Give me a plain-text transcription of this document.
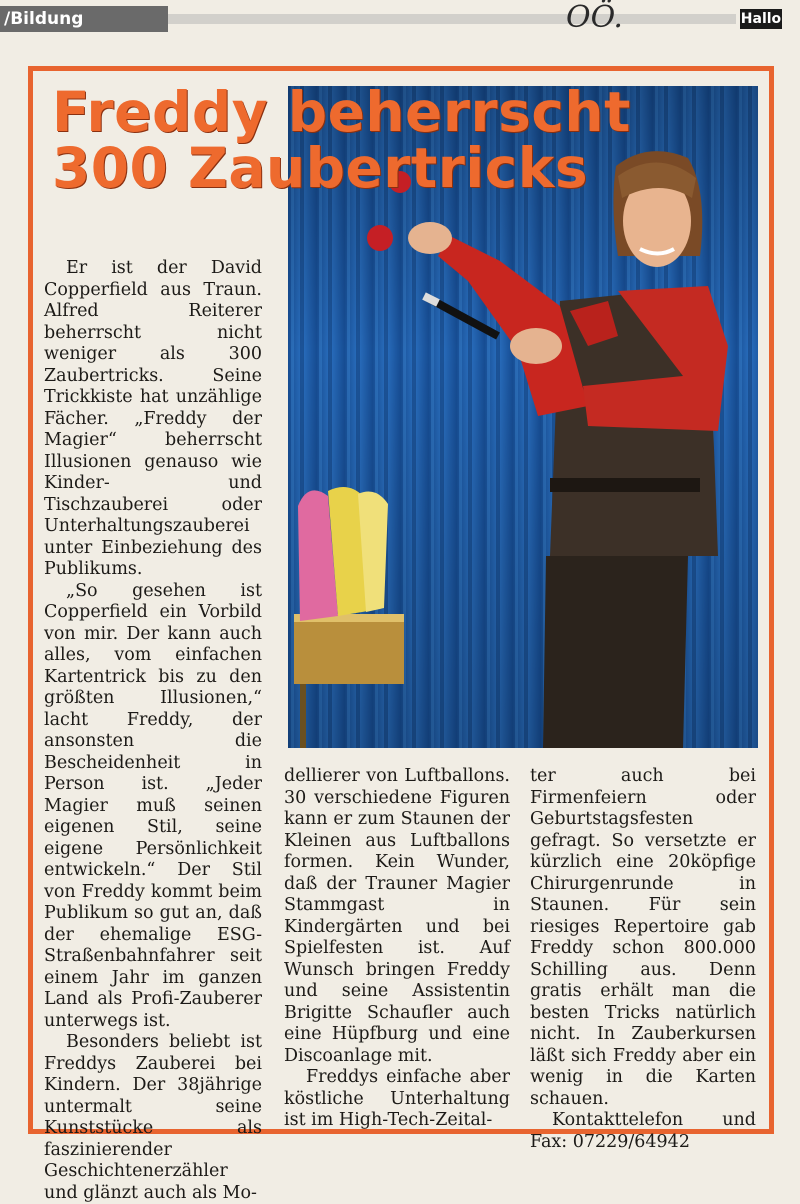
/Bildung	OÖ.	Hallo
Freddy beherrscht
300 Zaubertricks

Er ist der David Copperfield aus Traun. Alfred Reiterer beherrscht nicht weniger als 300 Zaubertricks. Seine Trickkiste hat unzählige Fächer. „Freddy der Magier“ beherrscht Illusionen genauso wie Kinder- und Tischzauberei oder Unterhaltungszauberei unter Einbeziehung des Publikums.

„So gesehen ist Copperfield ein Vorbild von mir. Der kann auch alles, vom einfachen Kartentrick bis zu den größten Illusionen,“ lacht Freddy, der ansonsten die Bescheidenheit in Person ist. „Jeder Magier muß seinen eigenen Stil, seine eigene Persönlichkeit entwickeln.“ Der Stil von Freddy kommt beim Publikum so gut an, daß der ehemalige ESG-Straßenbahnfahrer seit einem Jahr im ganzen Land als Profi-Zauberer unterwegs ist.

Besonders beliebt ist Freddys Zauberei bei Kindern. Der 38jährige untermalt seine Kunststücke als faszinierender Geschichtenerzähler und glänzt auch als Mo-

dellierer von Luftballons. 30 verschiedene Figuren kann er zum Staunen der Kleinen aus Luftballons formen. Kein Wunder, daß der Trauner Magier Stammgast in Kindergärten und bei Spielfesten ist. Auf Wunsch bringen Freddy und seine Assistentin Brigitte Schaufler auch eine Hüpfburg und eine Discoanlage mit.

Freddys einfache aber köstliche Unterhaltung ist im High-Tech-Zeital-

ter auch bei Firmenfeiern oder Geburtstagsfesten gefragt. So versetzte er kürzlich eine 20köpfige Chirurgenrunde in Staunen. Für sein riesiges Repertoire gab Freddy schon 800.000 Schilling aus. Denn gratis erhält man die besten Tricks natürlich nicht. In Zauberkursen läßt sich Freddy aber ein wenig in die Karten schauen.

Kontakttelefon und Fax: 07229/64942
